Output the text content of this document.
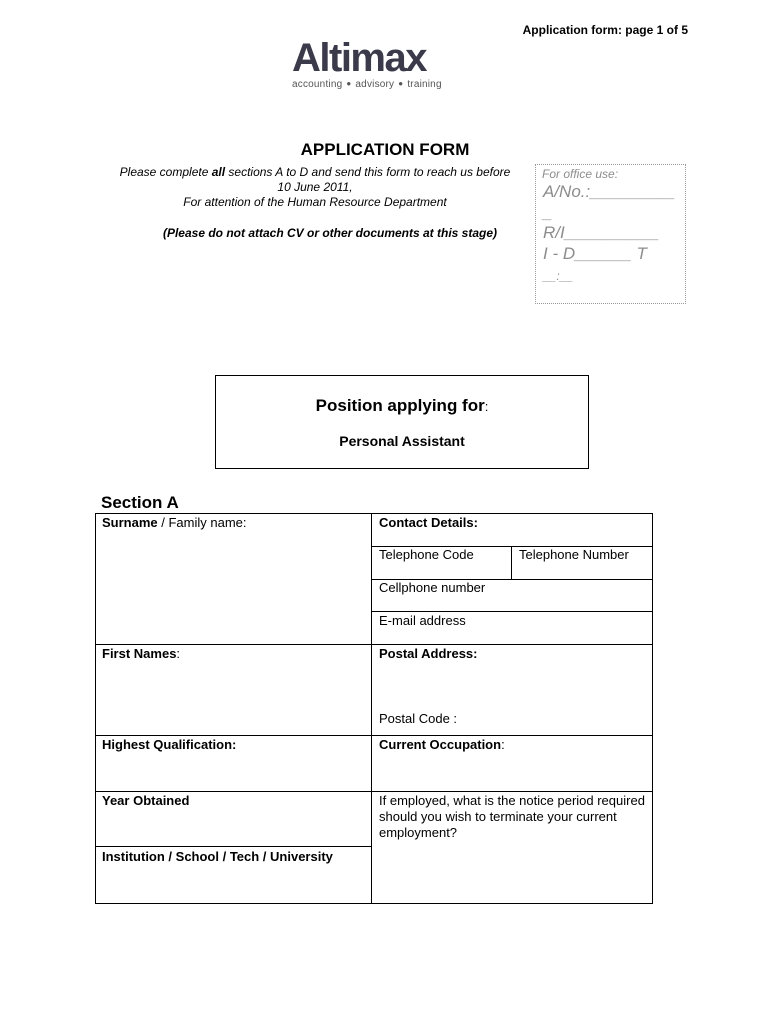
Application form: page 1 of 5
Altimax
accounting ● advisory ● training
APPLICATION FORM
Please complete all sections A to D and send this form to reach us before
10 June 2011,
For attention of the Human Resource Department
(Please do not attach CV or other documents at this stage)
For office use:
A/No.:_________
_
R/I__________
I - D______ T
__:__
Position applying for:
Personal Assistant
Section A
Surname / Family name:	Contact Details:
Telephone Code	Telephone Number
Cellphone number
E-mail address
First Names:	Postal Address:
Postal Code :
Highest Qualification:	Current Occupation:
Year Obtained	If employed, what is the notice period required should you wish to terminate your current employment?
Institution / School / Tech / University
